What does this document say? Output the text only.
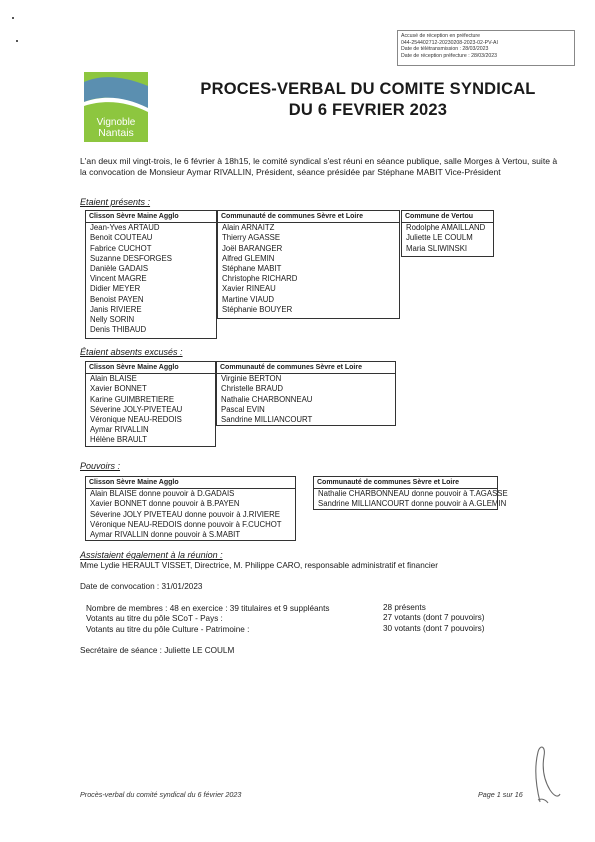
Accusé de réception en préfecture
044-254402712-20230208-2023-02-PV-AI
Date de télétransmission : 28/03/2023
Date de réception préfecture : 28/03/2023
Vignoble
Nantais
PROCES-VERBAL DU COMITE SYNDICAL
DU 6 FEVRIER 2023
L'an deux mil vingt-trois, le 6 février à 18h15, le comité syndical s'est réuni en séance publique, salle Morges à Vertou, suite à la convocation de Monsieur Aymar RIVALLIN, Président, séance présidée par Stéphane MABIT Vice-Président
Etaient présents :
Clisson Sèvre Maine Agglo
Jean-Yves ARTAUD
Benoit COUTEAU
Fabrice CUCHOT
Suzanne DESFORGES
Danièle GADAIS
Vincent MAGRE
Didier MEYER
Benoist PAYEN
Janis RIVIERE
Nelly SORIN
Denis THIBAUD
Communauté de communes Sèvre et Loire
Alain ARNAITZ
Thierry AGASSE
Joël BARANGER
Alfred GLEMIN
Stéphane MABIT
Christophe RICHARD
Xavier RINEAU
Martine VIAUD
Stéphanie BOUYER
Commune de Vertou
Rodolphe AMAILLAND
Juliette LE COULM
Maria SLIWINSKI
Étaient absents excusés :
Clisson Sèvre Maine Agglo
Alain BLAISE
Xavier BONNET
Karine GUIMBRETIERE
Séverine JOLY-PIVETEAU
Véronique NEAU-REDOIS
Aymar RIVALLIN
Hélène BRAULT
Communauté de communes Sèvre et Loire
Virginie BERTON
Christelle BRAUD
Nathalie CHARBONNEAU
Pascal EVIN
Sandrine MILLIANCOURT
Pouvoirs :
Clisson Sèvre Maine Agglo
Alain BLAISE donne pouvoir à D.GADAIS
Xavier BONNET donne pouvoir à B.PAYEN
Séverine JOLY PIVETEAU donne pouvoir à J.RIVIERE
Véronique NEAU-REDOIS donne pouvoir à F.CUCHOT
Aymar RIVALLIN donne pouvoir à S.MABIT
Communauté de communes Sèvre et Loire
Nathalie CHARBONNEAU donne pouvoir à T.AGASSE
Sandrine MILLIANCOURT donne pouvoir à A.GLEMIN
Assistaient également à la réunion :
Mme Lydie HERAULT VISSET, Directrice, M. Philippe CARO, responsable administratif et financier
Date de convocation : 31/01/2023
Nombre de membres : 48 en exercice : 39 titulaires et 9 suppléants	28 présents
Votants au titre du pôle SCoT - Pays :	27 votants (dont 7 pouvoirs)
Votants au titre du pôle Culture - Patrimoine :	30 votants (dont 7 pouvoirs)
Secrétaire de séance : Juliette LE COULM
Procès-verbal du comité syndical du 6 février 2023	Page 1 sur 16
